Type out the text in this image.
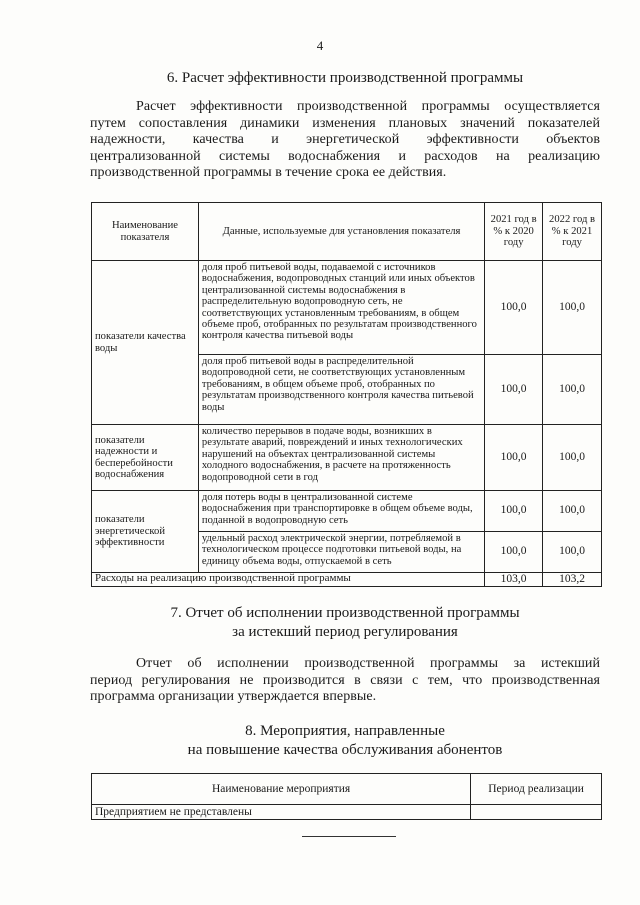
4
6. Расчет эффективности производственной программы
Расчет эффективности производственной программы осуществляется
путем сопоставления динамики изменения плановых значений показателей
надежности, качества и энергетической эффективности объектов
централизованной системы водоснабжения и расходов на реализацию
производственной программы в течение срока ее действия.
Наименование показателя	Данные, используемые для установления показателя	2021 год в % к 2020 году	2022 год в % к 2021 году
показатели качества воды	доля проб питьевой воды, подаваемой с источников водоснабжения, водопроводных станций или иных объектов централизованной системы водоснабжения в распределительную водопроводную сеть, не соответствующих установленным требованиям, в общем объеме проб, отобранных по результатам производственного контроля качества питьевой воды	100,0	100,0
	доля проб питьевой воды в распределительной водопроводной сети, не соответствующих установленным требованиям, в общем объеме проб, отобранных по результатам производственного контроля качества питьевой воды	100,0	100,0
показатели надежности и бесперебойности водоснабжения	количество перерывов в подаче воды, возникших в результате аварий, повреждений и иных технологических нарушений на объектах централизованной системы холодного водоснабжения, в расчете на протяженность водопроводной сети в год	100,0	100,0
показатели энергетической эффективности	доля потерь воды в централизованной системе водоснабжения при транспортировке в общем объеме воды, поданной в водопроводную сеть	100,0	100,0
	удельный расход электрической энергии, потребляемой в технологическом процессе подготовки питьевой воды, на единицу объема воды, отпускаемой в сеть	100,0	100,0
Расходы на реализацию производственной программы		103,0	103,2
7. Отчет об исполнении производственной программы
за истекший период регулирования
Отчет об исполнении производственной программы за истекший
период регулирования не производится в связи с тем, что производственная
программа организации утверждается впервые.
8. Мероприятия, направленные
на повышение качества обслуживания абонентов
Наименование мероприятия	Период реализации
Предприятием не представлены	
